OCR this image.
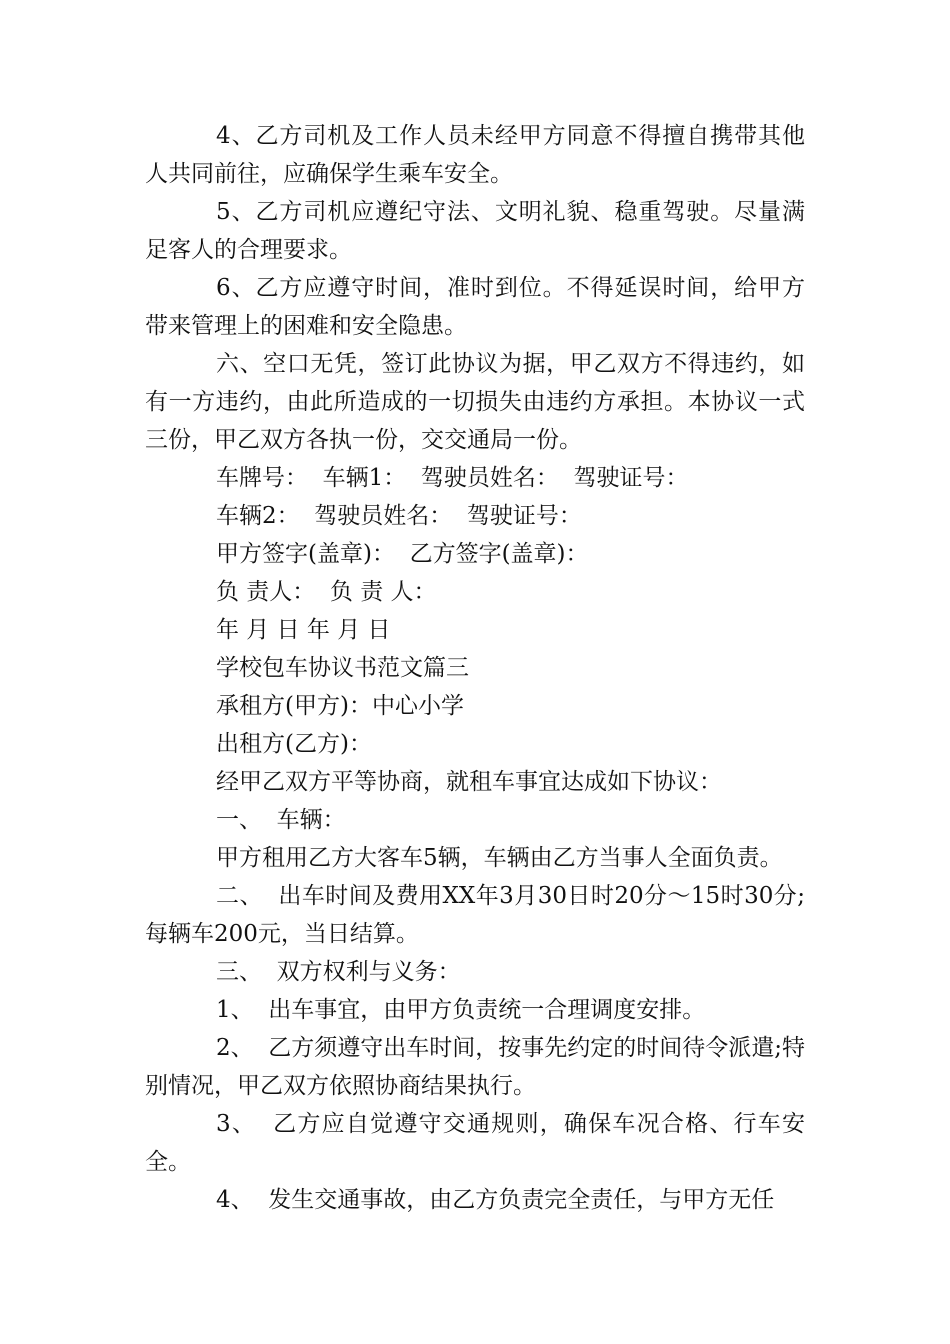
4、乙方司机及工作人员未经甲方同意不得擅自携带其他人共同前往，应确保学生乘车安全。

5、乙方司机应遵纪守法、文明礼貌、稳重驾驶。尽量满足客人的合理要求。

6、乙方应遵守时间，准时到位。不得延误时间，给甲方带来管理上的困难和安全隐患。

六、空口无凭，签订此协议为据，甲乙双方不得违约，如有一方违约，由此所造成的一切损失由违约方承担。本协议一式三份，甲乙双方各执一份，交交通局一份。

车牌号：  车辆1：  驾驶员姓名：  驾驶证号：

车辆2：  驾驶员姓名：  驾驶证号：

甲方签字(盖章)：  乙方签字(盖章)：

负 责人：  负 责 人：

年 月 日 年 月 日

学校包车协议书范文篇三

承租方(甲方)：中心小学

出租方(乙方)：

经甲乙双方平等协商，就租车事宜达成如下协议：

一、  车辆：

甲方租用乙方大客车5辆，车辆由乙方当事人全面负责。

二、  出车时间及费用XX年3月30日时20分～15时30分;每辆车200元，当日结算。

三、  双方权利与义务：

1、  出车事宜，由甲方负责统一合理调度安排。

2、  乙方须遵守出车时间，按事先约定的时间待令派遣;特别情况，甲乙双方依照协商结果执行。

3、  乙方应自觉遵守交通规则，确保车况合格、行车安全。

4、  发生交通事故，由乙方负责完全责任，与甲方无任
